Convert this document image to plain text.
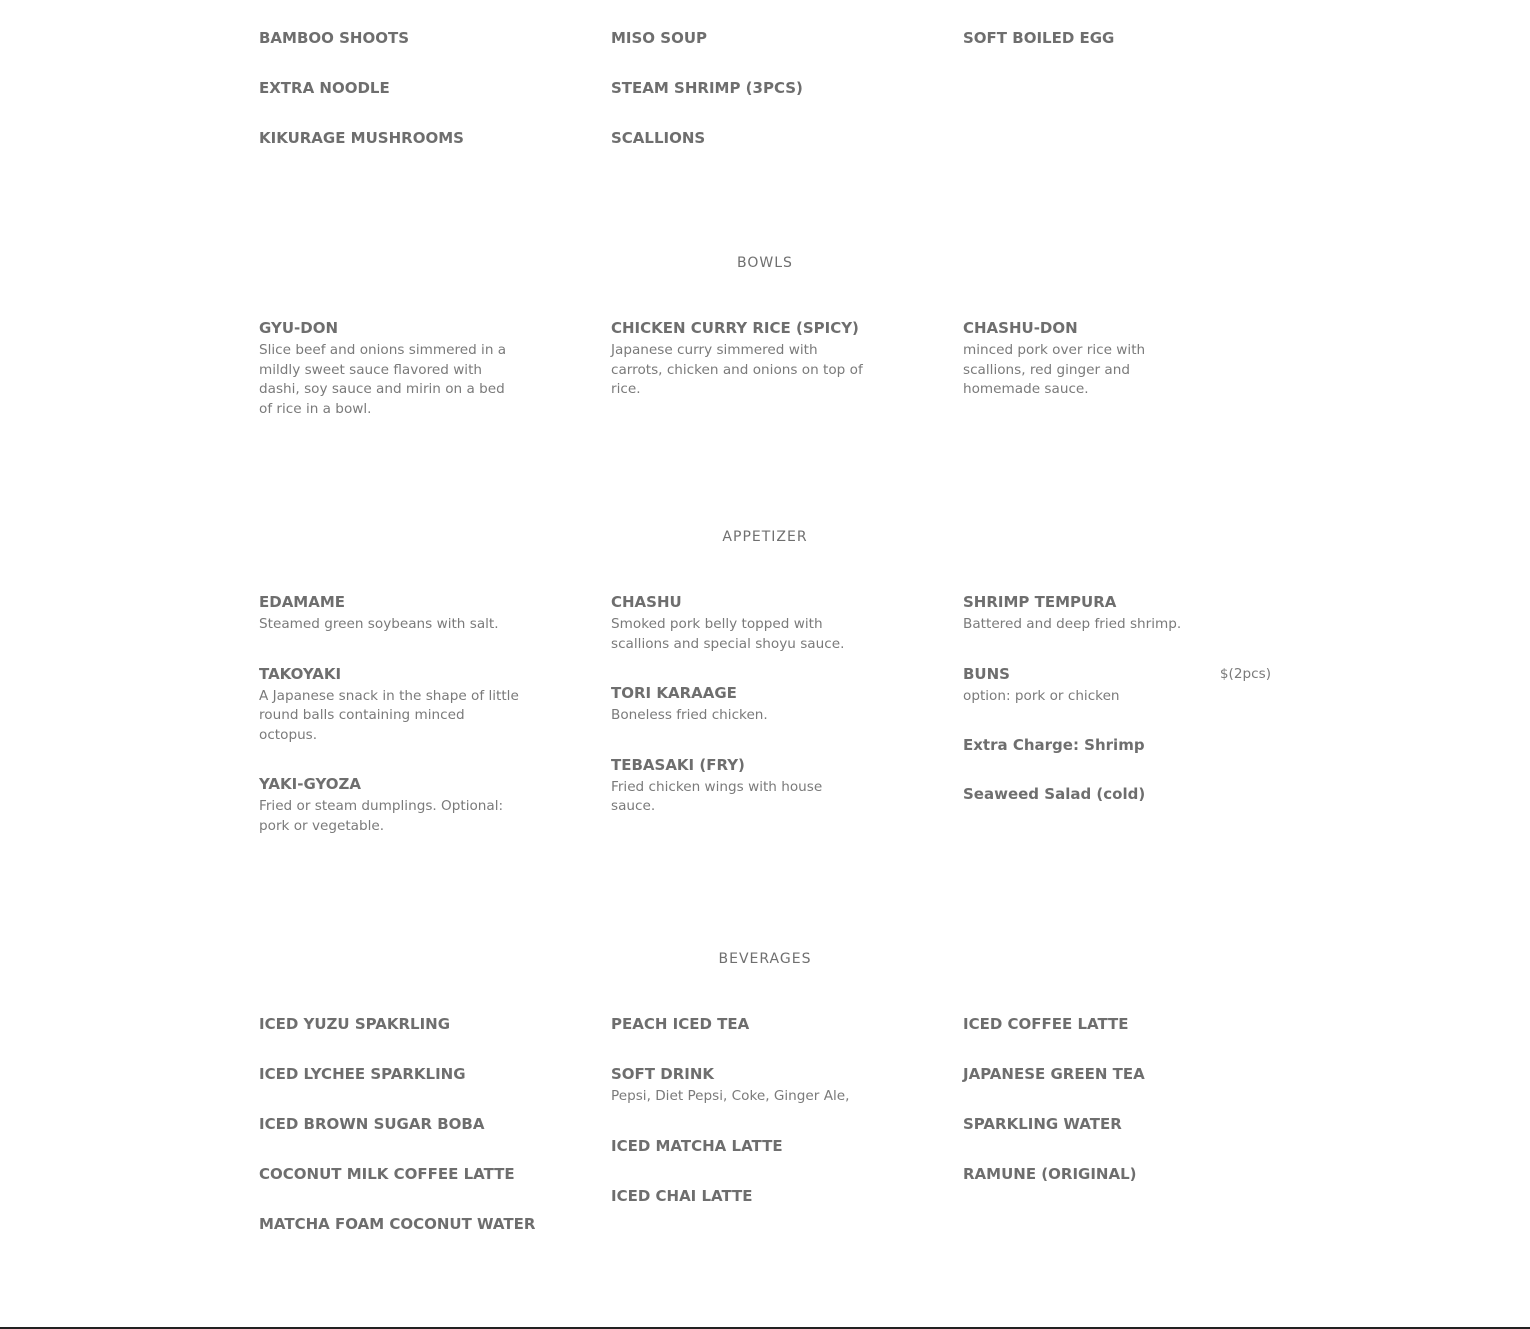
BAMBOO SHOOTS
EXTRA NOODLE
KIKURAGE MUSHROOMS
MISO SOUP
STEAM SHRIMP (3PCS)
SCALLIONS
SOFT BOILED EGG
BOWLS
GYU-DON
Slice beef and onions simmered in a mildly sweet sauce flavored with dashi, soy sauce and mirin on a bed of rice in a bowl.
CHICKEN CURRY RICE (SPICY)
Japanese curry simmered with carrots, chicken and onions on top of rice.
CHASHU-DON
minced pork over rice with scallions, red ginger and homemade sauce.
APPETIZER
EDAMAME
Steamed green soybeans with salt.
TAKOYAKI
A Japanese snack in the shape of little round balls containing minced octopus.
YAKI-GYOZA
Fried or steam dumplings. Optional: pork or vegetable.
CHASHU
Smoked pork belly topped with scallions and special shoyu sauce.
TORI KARAAGE
Boneless fried chicken.
TEBASAKI (FRY)
Fried chicken wings with house sauce.
SHRIMP TEMPURA
Battered and deep fried shrimp.
BUNS	$(2pcs)
option: pork or chicken
Extra Charge: Shrimp
Seaweed Salad (cold)
BEVERAGES
ICED YUZU SPAKRLING
ICED LYCHEE SPARKLING
ICED BROWN SUGAR BOBA
COCONUT MILK COFFEE LATTE
MATCHA FOAM COCONUT WATER
PEACH ICED TEA
SOFT DRINK
Pepsi, Diet Pepsi, Coke, Ginger Ale,
ICED MATCHA LATTE
ICED CHAI LATTE
ICED COFFEE LATTE
JAPANESE GREEN TEA
SPARKLING WATER
RAMUNE (ORIGINAL)
